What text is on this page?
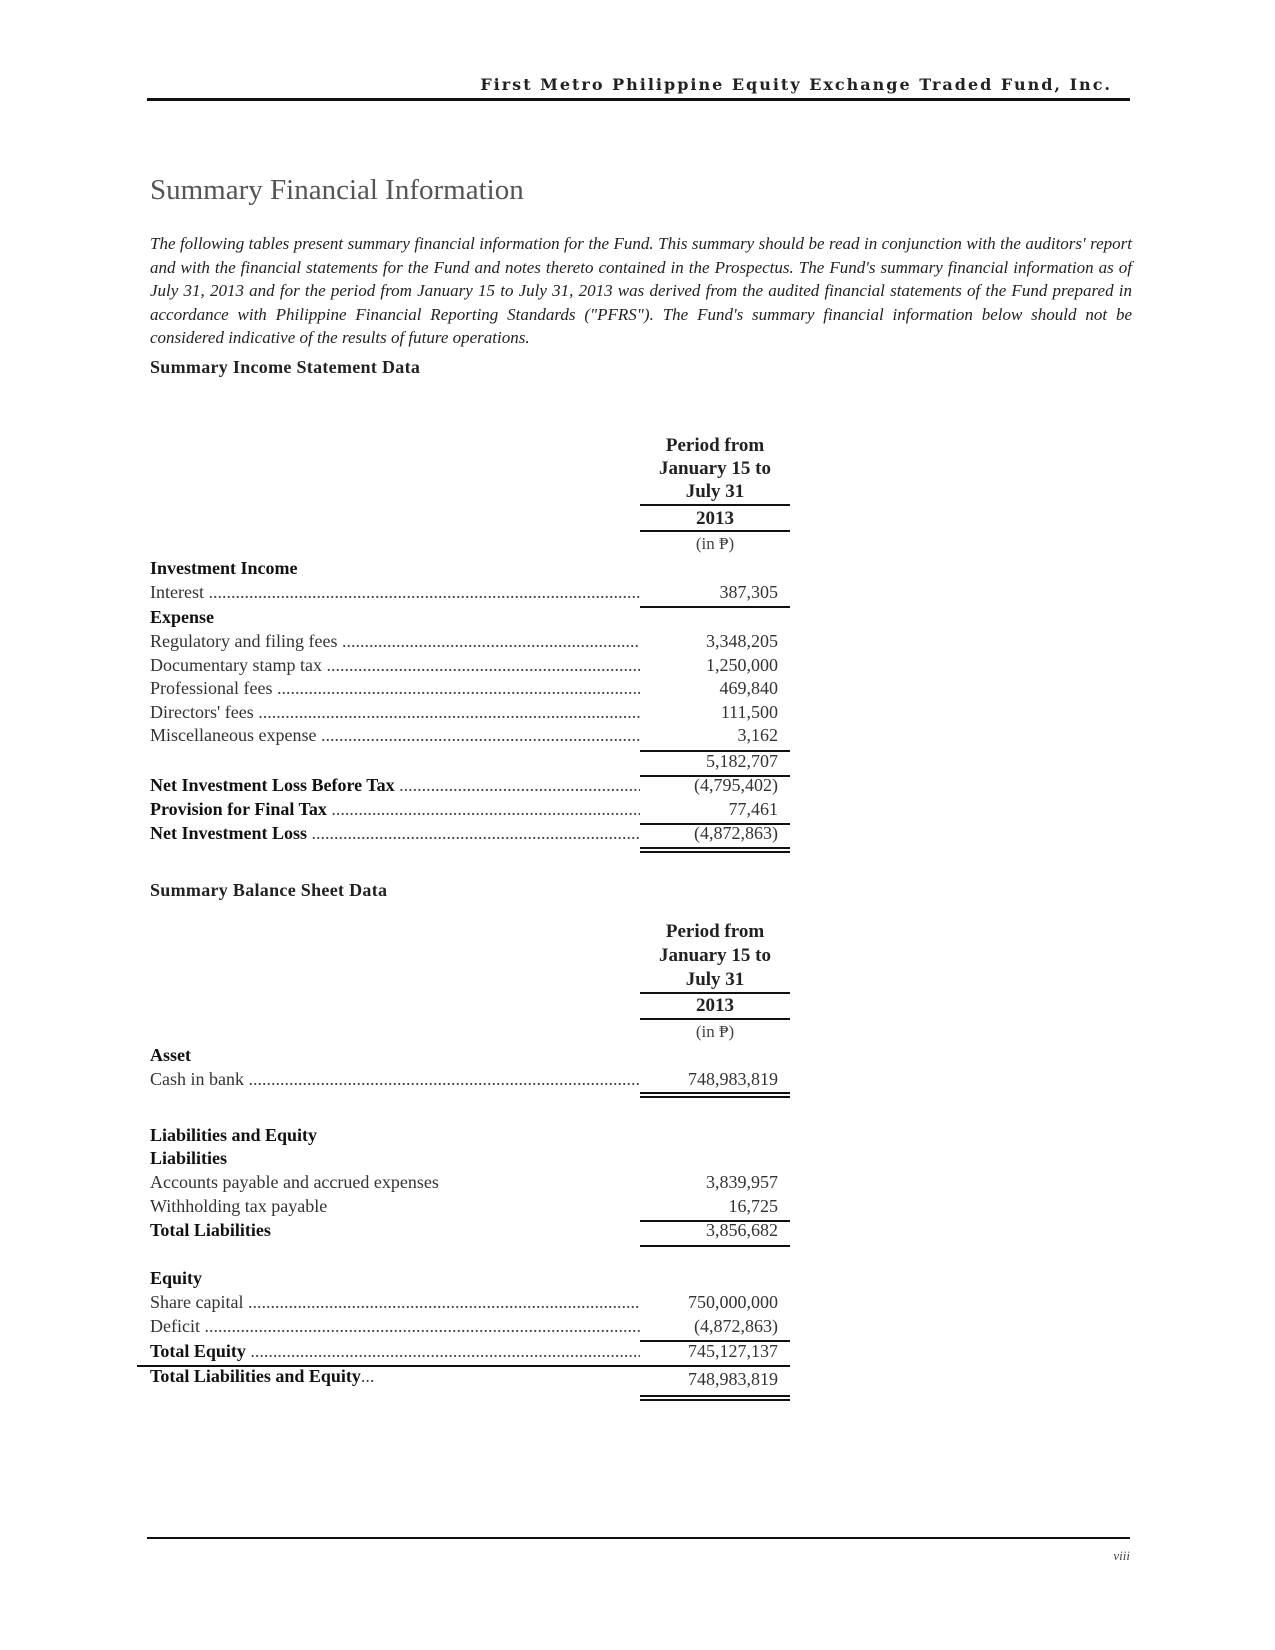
First Metro Philippine Equity Exchange Traded Fund, Inc.
Summary Financial Information
The following tables present summary financial information for the Fund. This summary should be read in conjunction with the auditors' report and with the financial statements for the Fund and notes thereto contained in the Prospectus. The Fund's summary financial information as of July 31, 2013 and for the period from January 15 to July 31, 2013 was derived from the audited financial statements of the Fund prepared in accordance with Philippine Financial Reporting Standards ("PFRS"). The Fund's summary financial information below should not be considered indicative of the results of future operations.
Summary Income Statement Data
Period from
January 15 to
July 31
2013
(in ₱)
Investment Income
Interest .....	387,305
Expense
Regulatory and filing fees .....	3,348,205
Documentary stamp tax .....	1,250,000
Professional fees .....	469,840
Directors' fees .....	111,500
Miscellaneous expense .....	3,162
5,182,707
Net Investment Loss Before Tax .....	(4,795,402)
Provision for Final Tax .....	77,461
Net Investment Loss .....	(4,872,863)
Summary Balance Sheet Data
Period from
January 15 to
July 31
2013
(in ₱)
Asset
Cash in bank .....	748,983,819
Liabilities and Equity
Liabilities
Accounts payable and accrued expenses	3,839,957
Withholding tax payable	16,725
Total Liabilities	3,856,682
Equity
Share capital .....	750,000,000
Deficit .....	(4,872,863)
Total Equity .....	745,127,137
Total Liabilities and Equity...	748,983,819
viii
